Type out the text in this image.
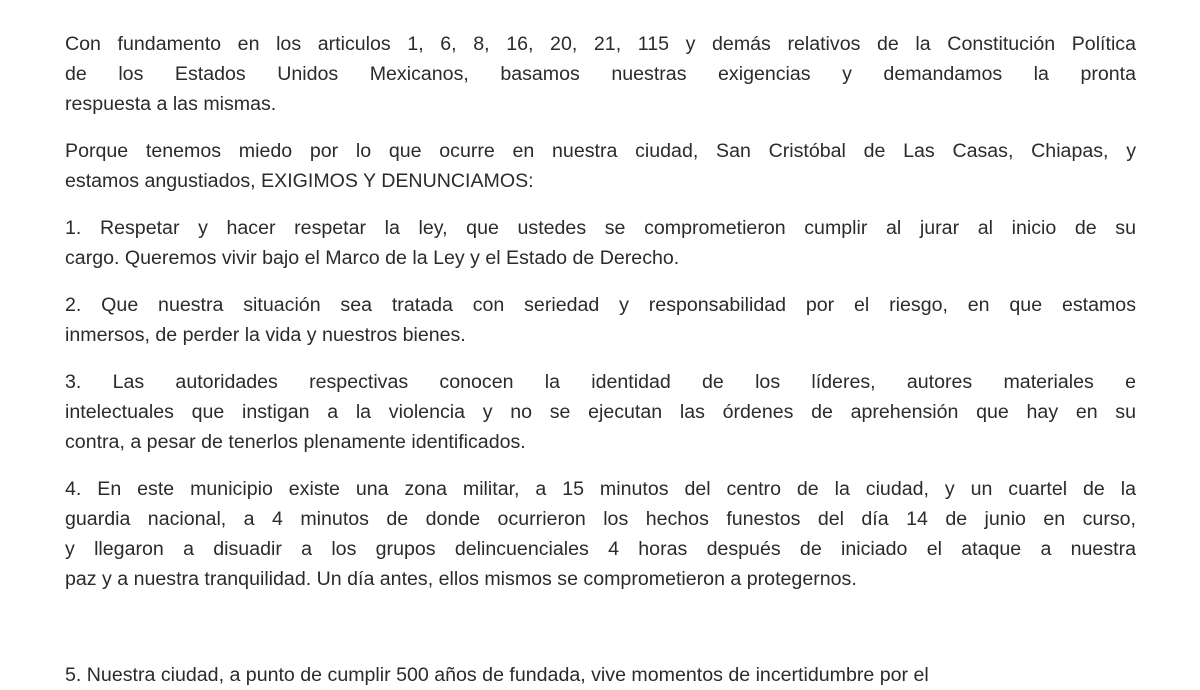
Con fundamento en los articulos 1, 6, 8, 16, 20, 21, 115 y demás relativos de la Constitución Política
de los Estados Unidos Mexicanos, basamos nuestras exigencias y demandamos la pronta
respuesta a las mismas.
Porque tenemos miedo por lo que ocurre en nuestra ciudad, San Cristóbal de Las Casas, Chiapas, y
estamos angustiados, EXIGIMOS Y DENUNCIAMOS:
1. Respetar y hacer respetar la ley, que ustedes se comprometieron cumplir al jurar al inicio de su
cargo. Queremos vivir bajo el Marco de la Ley y el Estado de Derecho.
2. Que nuestra situación sea tratada con seriedad y responsabilidad por el riesgo, en que estamos
inmersos, de perder la vida y nuestros bienes.
3. Las autoridades respectivas conocen la identidad de los líderes, autores materiales e
intelectuales que instigan a la violencia y no se ejecutan las órdenes de aprehensión que hay en su
contra, a pesar de tenerlos plenamente identificados.
4. En este municipio existe una zona militar, a 15 minutos del centro de la ciudad, y un cuartel de la
guardia nacional, a 4 minutos de donde ocurrieron los hechos funestos del día 14 de junio en curso,
y llegaron a disuadir a los grupos delincuenciales 4 horas después de iniciado el ataque a nuestra
paz y a nuestra tranquilidad. Un día antes, ellos mismos se comprometieron a protegernos.
5. Nuestra ciudad, a punto de cumplir 500 años de fundada, vive momentos de incertidumbre por el
